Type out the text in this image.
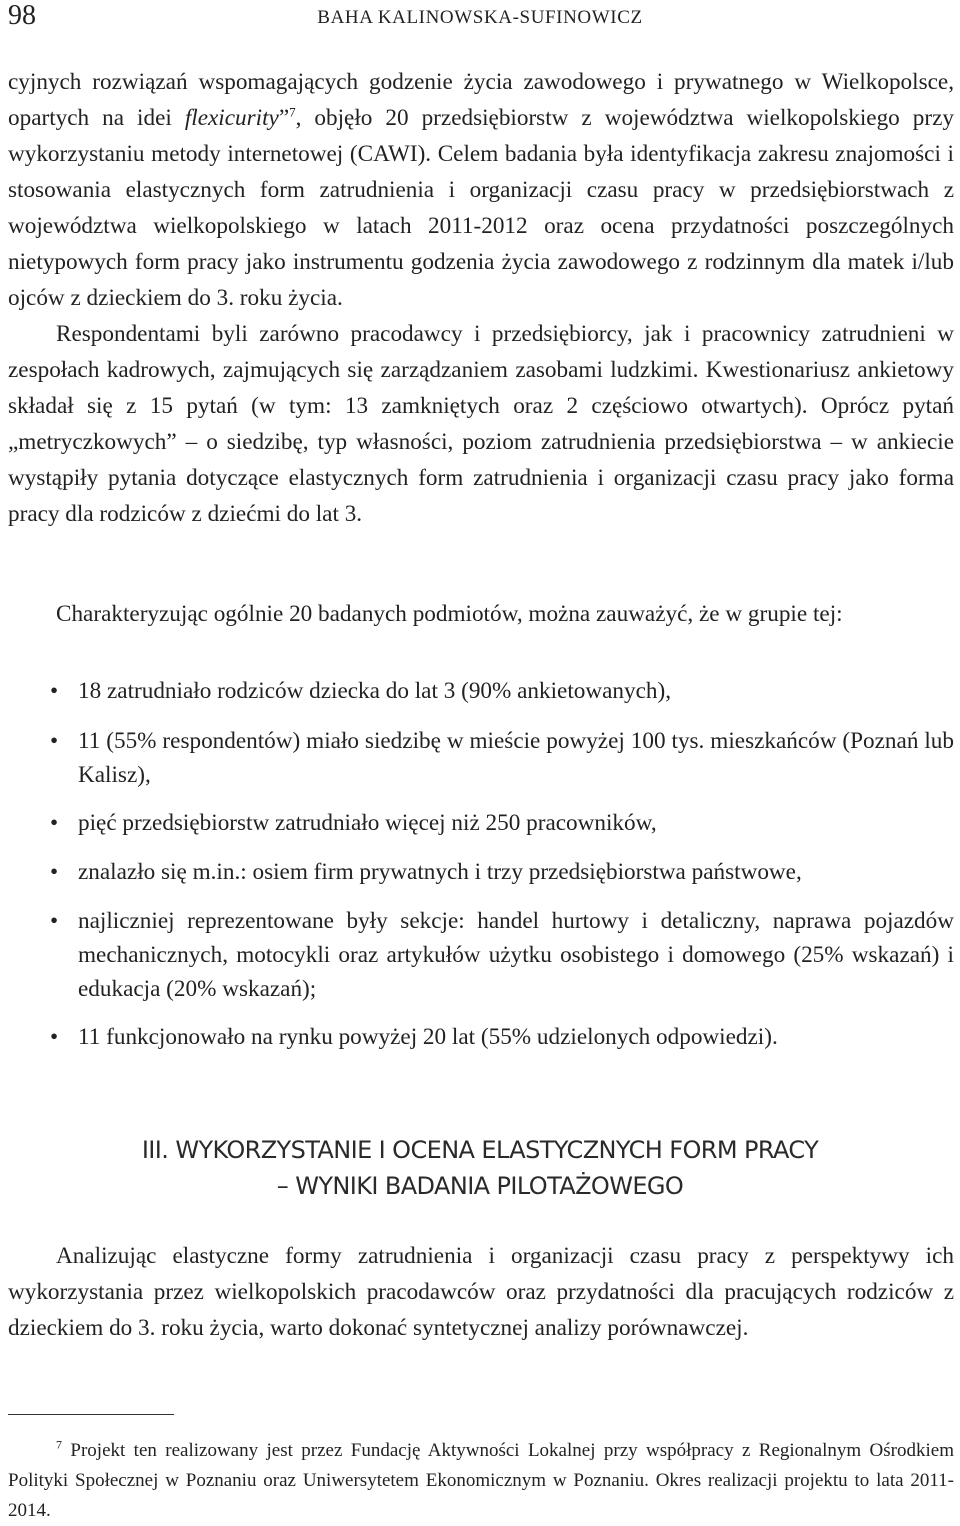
98	BAHA KALINOWSKA-SUFINOWICZ

cyjnych rozwiązań wspomagających godzenie życia zawodowego i prywatnego w Wielkopolsce, opartych na idei flexicurity”$^7$, objęło 20 przedsiębiorstw z województwa wielkopolskiego przy wykorzystaniu metody internetowej (CAWI). Celem badania była identyfikacja zakresu znajomości i stosowania elastycznych form zatrudnienia i organizacji czasu pracy w przedsiębiorstwach z województwa wielkopolskiego w latach 2011-2012 oraz ocena przydatności poszczególnych nietypowych form pracy jako instrumentu godzenia życia zawodowego z rodzinnym dla matek i/lub ojców z dzieckiem do 3. roku życia.

Respondentami byli zarówno pracodawcy i przedsiębiorcy, jak i pracownicy zatrudnieni w zespołach kadrowych, zajmujących się zarządzaniem zasobami ludzkimi. Kwestionariusz ankietowy składał się z 15 pytań (w tym: 13 zamkniętych oraz 2 częściowo otwartych). Oprócz pytań „metryczkowych” – o siedzibę, typ własności, poziom zatrudnienia przedsiębiorstwa – w ankiecie wystąpiły pytania dotyczące elastycznych form zatrudnienia i organizacji czasu pracy jako forma pracy dla rodziców z dziećmi do lat 3.

Charakteryzując ogólnie 20 badanych podmiotów, można zauważyć, że w grupie tej:

• 18 zatrudniało rodziców dziecka do lat 3 (90% ankietowanych),
• 11 (55% respondentów) miało siedzibę w mieście powyżej 100 tys. mieszkańców (Poznań lub Kalisz),
• pięć przedsiębiorstw zatrudniało więcej niż 250 pracowników,
• znalazło się m.in.: osiem firm prywatnych i trzy przedsiębiorstwa państwowe,
• najliczniej reprezentowane były sekcje: handel hurtowy i detaliczny, naprawa pojazdów mechanicznych, motocykli oraz artykułów użytku osobistego i domowego (25% wskazań) i edukacja (20% wskazań);
• 11 funkcjonowało na rynku powyżej 20 lat (55% udzielonych odpowiedzi).
III. WYKORZYSTANIE I OCENA ELASTYCZNYCH FORM PRACY
– WYNIKI BADANIA PILOTAŻOWEGO

Analizując elastyczne formy zatrudnienia i organizacji czasu pracy z perspektywy ich wykorzystania przez wielkopolskich pracodawców oraz przydatności dla pracujących rodziców z dzieckiem do 3. roku życia, warto dokonać syntetycznej analizy porównawczej.

$^7$ Projekt ten realizowany jest przez Fundację Aktywności Lokalnej przy współpracy z Regionalnym Ośrodkiem Polityki Społecznej w Poznaniu oraz Uniwersytetem Ekonomicznym w Poznaniu. Okres realizacji projektu to lata 2011-2014.
